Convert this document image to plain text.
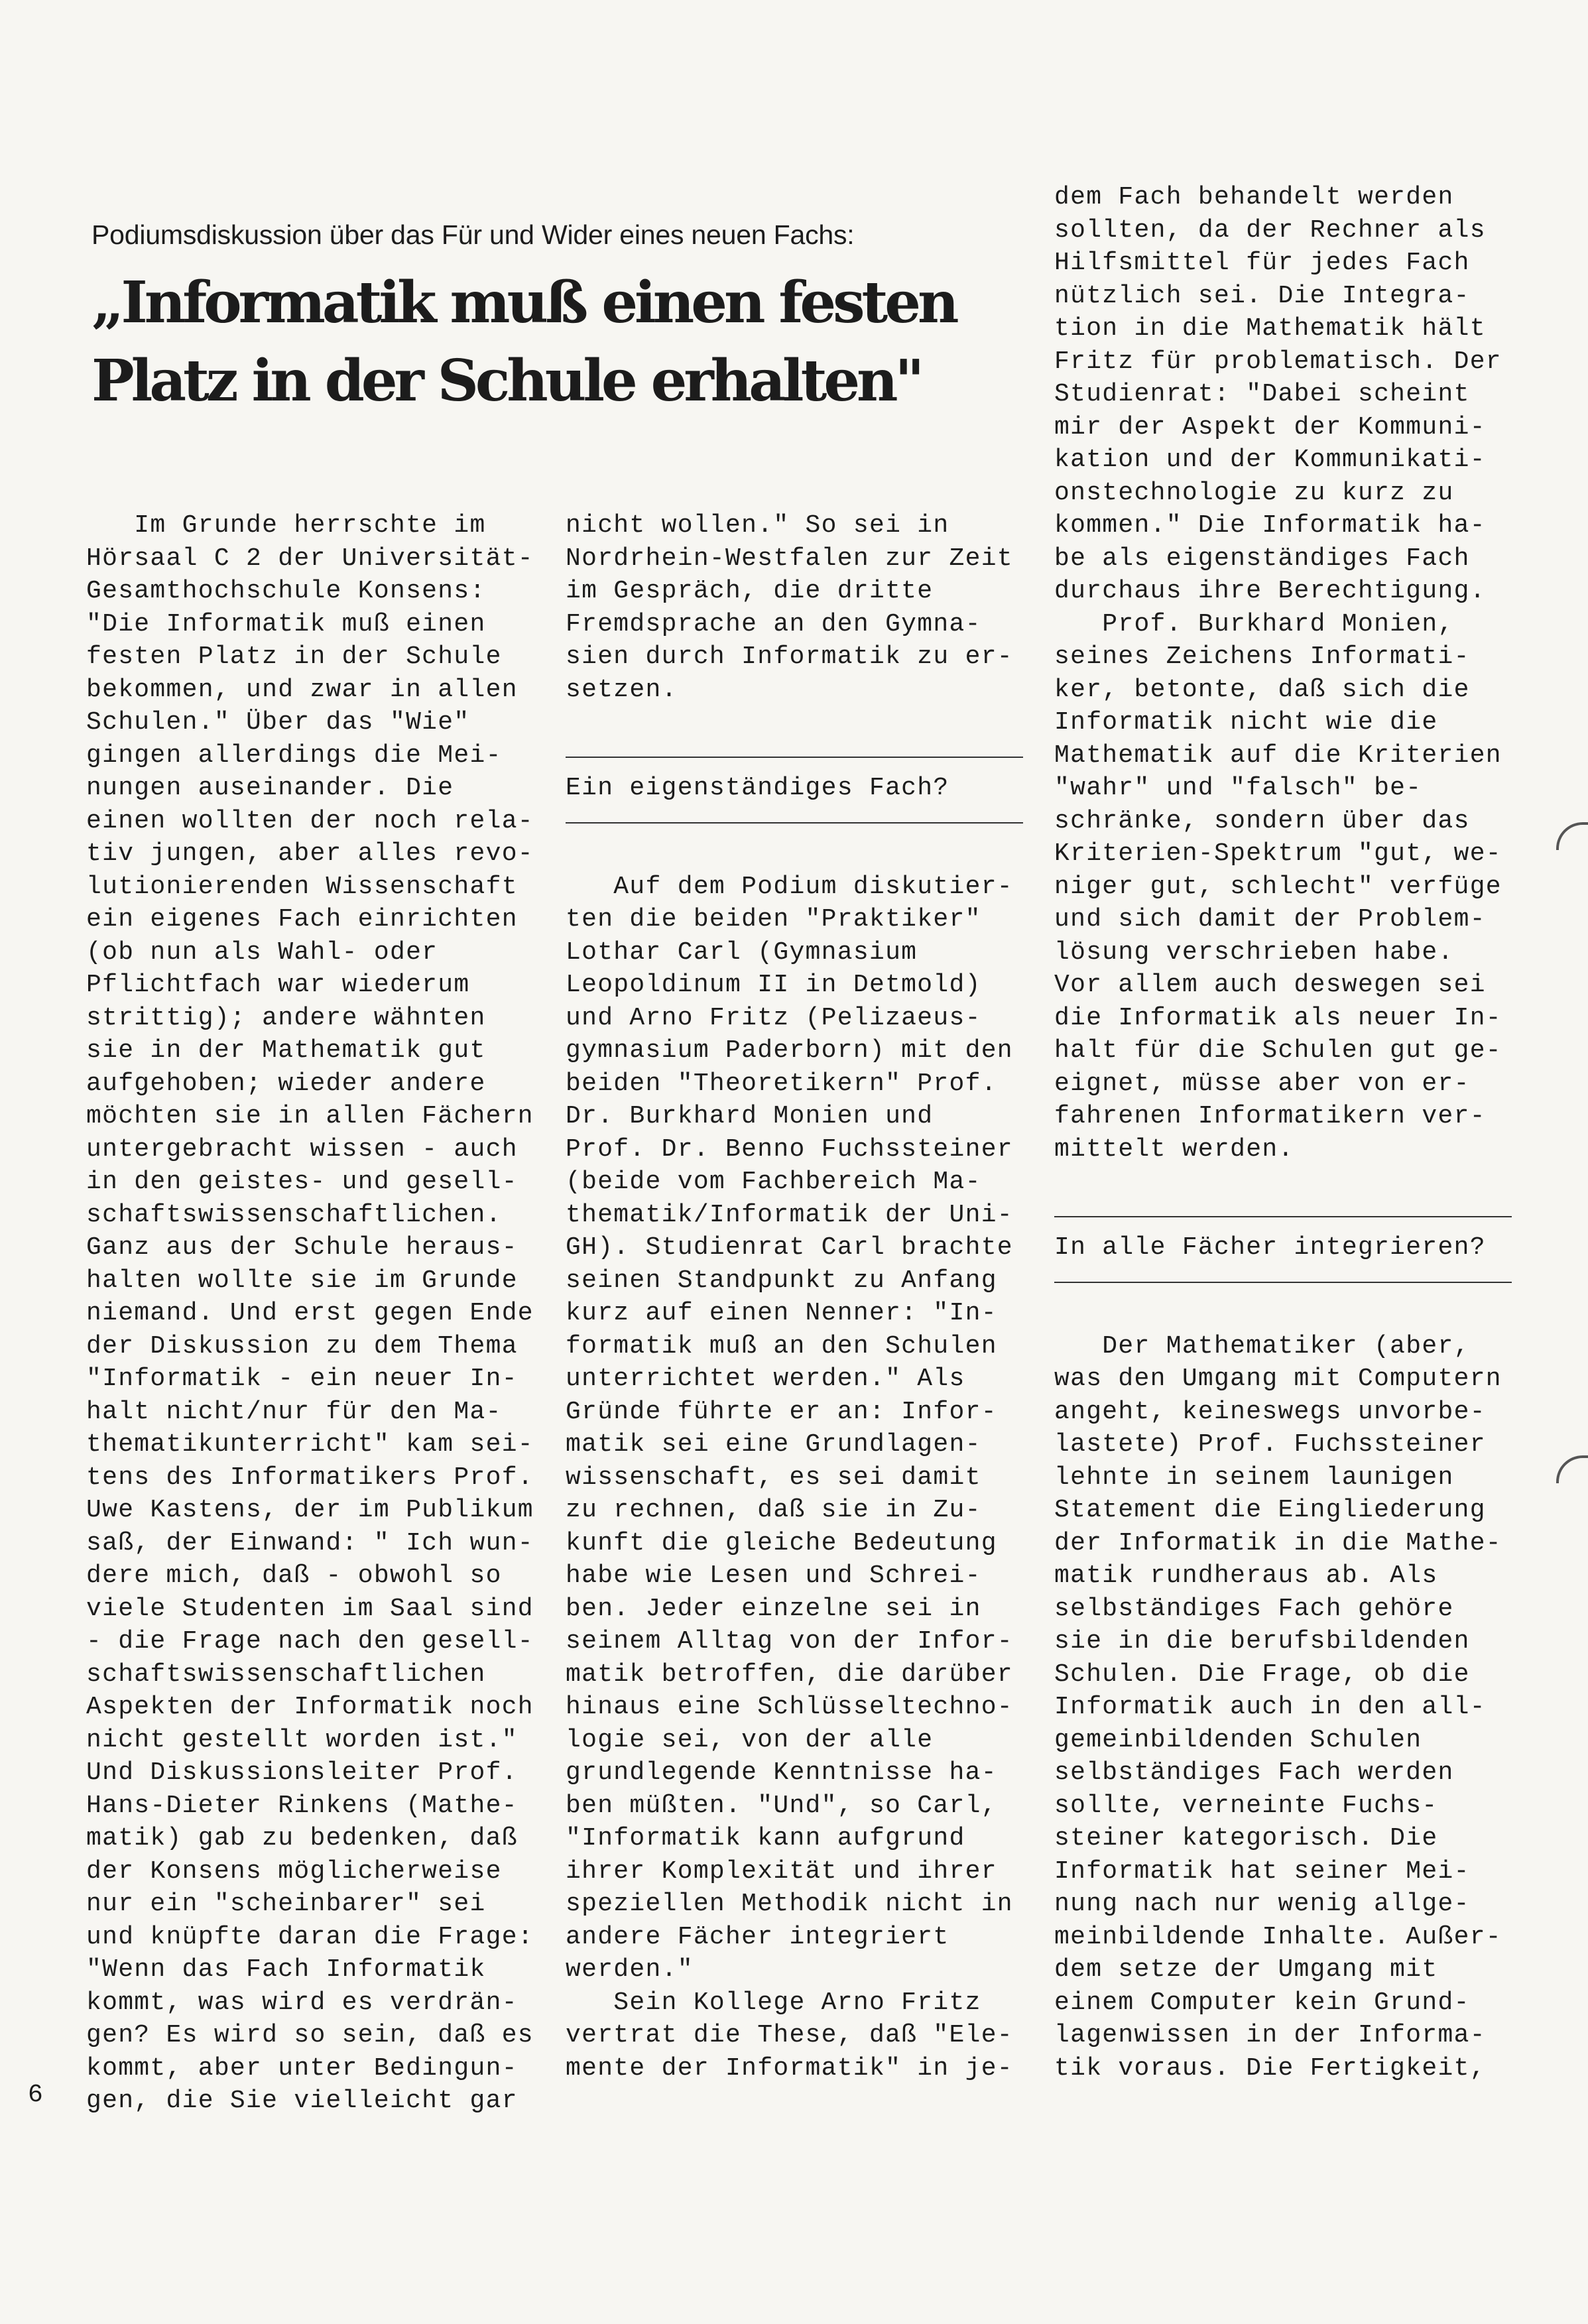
Podiumsdiskussion über das Für und Wider eines neuen Fachs:
„Informatik muß einen festen
Platz in der Schule erhalten"
Im Grunde herrschte im
Hörsaal C 2 der Universität-
Gesamthochschule Konsens:
"Die Informatik muß einen
festen Platz in der Schule
bekommen, und zwar in allen
Schulen." Über das "Wie"
gingen allerdings die Mei-
nungen auseinander. Die
einen wollten der noch rela-
tiv jungen, aber alles revo-
lutionierenden Wissenschaft
ein eigenes Fach einrichten
(ob nun als Wahl- oder
Pflichtfach war wiederum
strittig); andere wähnten
sie in der Mathematik gut
aufgehoben; wieder andere
möchten sie in allen Fächern
untergebracht wissen - auch
in den geistes- und gesell-
schaftswissenschaftlichen.
Ganz aus der Schule heraus-
halten wollte sie im Grunde
niemand. Und erst gegen Ende
der Diskussion zu dem Thema
"Informatik - ein neuer In-
halt nicht/nur für den Ma-
thematikunterricht" kam sei-
tens des Informatikers Prof.
Uwe Kastens, der im Publikum
saß, der Einwand: " Ich wun-
dere mich, daß - obwohl so
viele Studenten im Saal sind
- die Frage nach den gesell-
schaftswissenschaftlichen
Aspekten der Informatik noch
nicht gestellt worden ist."
Und Diskussionsleiter Prof.
Hans-Dieter Rinkens (Mathe-
matik) gab zu bedenken, daß
der Konsens möglicherweise
nur ein "scheinbarer" sei
und knüpfte daran die Frage:
"Wenn das Fach Informatik
kommt, was wird es verdrän-
gen? Es wird so sein, daß es
kommt, aber unter Bedingun-
gen, die Sie vielleicht gar
nicht wollen." So sei in
Nordrhein-Westfalen zur Zeit
im Gespräch, die dritte
Fremdsprache an den Gymna-
sien durch Informatik zu er-
setzen.
Ein eigenständiges Fach?
Auf dem Podium diskutier-
ten die beiden "Praktiker"
Lothar Carl (Gymnasium
Leopoldinum II in Detmold)
und Arno Fritz (Pelizaeus-
gymnasium Paderborn) mit den
beiden "Theoretikern" Prof.
Dr. Burkhard Monien und
Prof. Dr. Benno Fuchssteiner
(beide vom Fachbereich Ma-
thematik/Informatik der Uni-
GH). Studienrat Carl brachte
seinen Standpunkt zu Anfang
kurz auf einen Nenner: "In-
formatik muß an den Schulen
unterrichtet werden." Als
Gründe führte er an: Infor-
matik sei eine Grundlagen-
wissenschaft, es sei damit
zu rechnen, daß sie in Zu-
kunft die gleiche Bedeutung
habe wie Lesen und Schrei-
ben. Jeder einzelne sei in
seinem Alltag von der Infor-
matik betroffen, die darüber
hinaus eine Schlüsseltechno-
logie sei, von der alle
grundlegende Kenntnisse ha-
ben müßten. "Und", so Carl,
"Informatik kann aufgrund
ihrer Komplexität und ihrer
speziellen Methodik nicht in
andere Fächer integriert
werden."
Sein Kollege Arno Fritz
vertrat die These, daß "Ele-
mente der Informatik" in je-
dem Fach behandelt werden
sollten, da der Rechner als
Hilfsmittel für jedes Fach
nützlich sei. Die Integra-
tion in die Mathematik hält
Fritz für problematisch. Der
Studienrat: "Dabei scheint
mir der Aspekt der Kommuni-
kation und der Kommunikati-
onstechnologie zu kurz zu
kommen." Die Informatik ha-
be als eigenständiges Fach
durchaus ihre Berechtigung.
Prof. Burkhard Monien,
seines Zeichens Informati-
ker, betonte, daß sich die
Informatik nicht wie die
Mathematik auf die Kriterien
"wahr" und "falsch" be-
schränke, sondern über das
Kriterien-Spektrum "gut, we-
niger gut, schlecht" verfüge
und sich damit der Problem-
lösung verschrieben habe.
Vor allem auch deswegen sei
die Informatik als neuer In-
halt für die Schulen gut ge-
eignet, müsse aber von er-
fahrenen Informatikern ver-
mittelt werden.
In alle Fächer integrieren?
Der Mathematiker (aber,
was den Umgang mit Computern
angeht, keineswegs unvorbe-
lastete) Prof. Fuchssteiner
lehnte in seinem launigen
Statement die Eingliederung
der Informatik in die Mathe-
matik rundheraus ab. Als
selbständiges Fach gehöre
sie in die berufsbildenden
Schulen. Die Frage, ob die
Informatik auch in den all-
gemeinbildenden Schulen
selbständiges Fach werden
sollte, verneinte Fuchs-
steiner kategorisch. Die
Informatik hat seiner Mei-
nung nach nur wenig allge-
meinbildende Inhalte. Außer-
dem setze der Umgang mit
einem Computer kein Grund-
lagenwissen in der Informa-
tik voraus. Die Fertigkeit,
6
